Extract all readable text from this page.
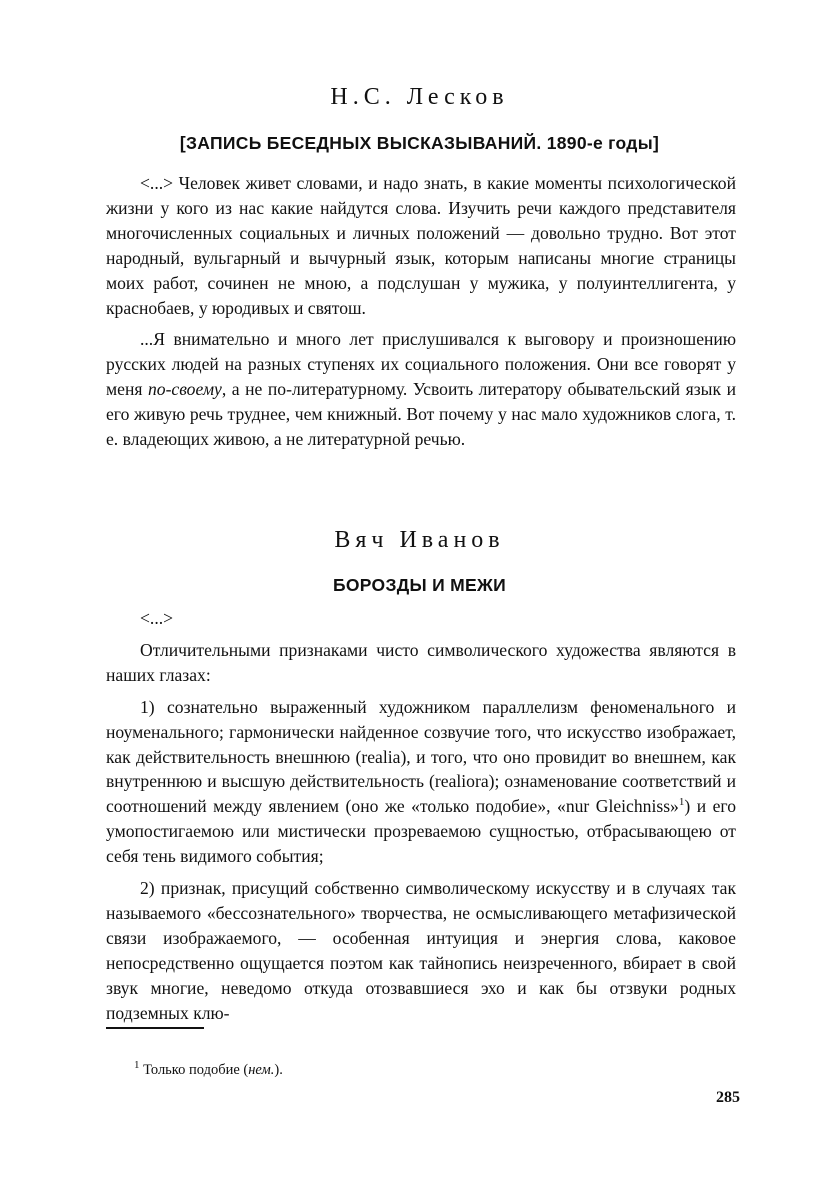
Н.С. Лесков
[ЗАПИСЬ БЕСЕДНЫХ ВЫСКАЗЫВАНИЙ. 1890-е годы]

<...> Человек живет словами, и надо знать, в какие моменты психологической жизни у кого из нас какие найдутся слова. Изучить речи каждого представителя многочисленных социальных и личных положений — довольно трудно. Вот этот народный, вульгарный и вычурный язык, которым написаны многие страницы моих работ, сочинен не мною, а подслушан у мужика, у полуинтеллигента, у краснобаев, у юродивых и святош.

...Я внимательно и много лет прислушивался к выговору и произношению русских людей на разных ступенях их социального положения. Они все говорят у меня по-своему, а не по-литературному. Усвоить литератору обывательский язык и его живую речь труднее, чем книжный. Вот почему у нас мало художников слога, т. е. владеющих живою, а не литературной речью.

Вяч Иванов
БОРОЗДЫ И МЕЖИ

<...>

Отличительными признаками чисто символического художества являются в наших глазах:

1) сознательно выраженный художником параллелизм феноменального и ноуменального; гармонически найденное созвучие того, что искусство изображает, как действительность внешнюю (realia), и того, что оно провидит во внешнем, как внутреннюю и высшую действительность (realiora); ознаменование соответствий и соотношений между явлением (оно же «только подобие», «nur Gleichniss»$^1$) и его умопостигаемою или мистически прозреваемою сущностью, отбрасывающею от себя тень видимого события;

2) признак, присущий собственно символическому искусству и в случаях так называемого «бессознательного» творчества, не осмысливающего метафизической связи изображаемого, — особенная интуиция и энергия слова, каковое непосредственно ощущается поэтом как тайнопись неизреченного, вбирает в свой звук многие, неведомо откуда отозвавшиеся эхо и как бы отзвуки родных подземных клю-

$^1$ Только подобие (нем.).
285
